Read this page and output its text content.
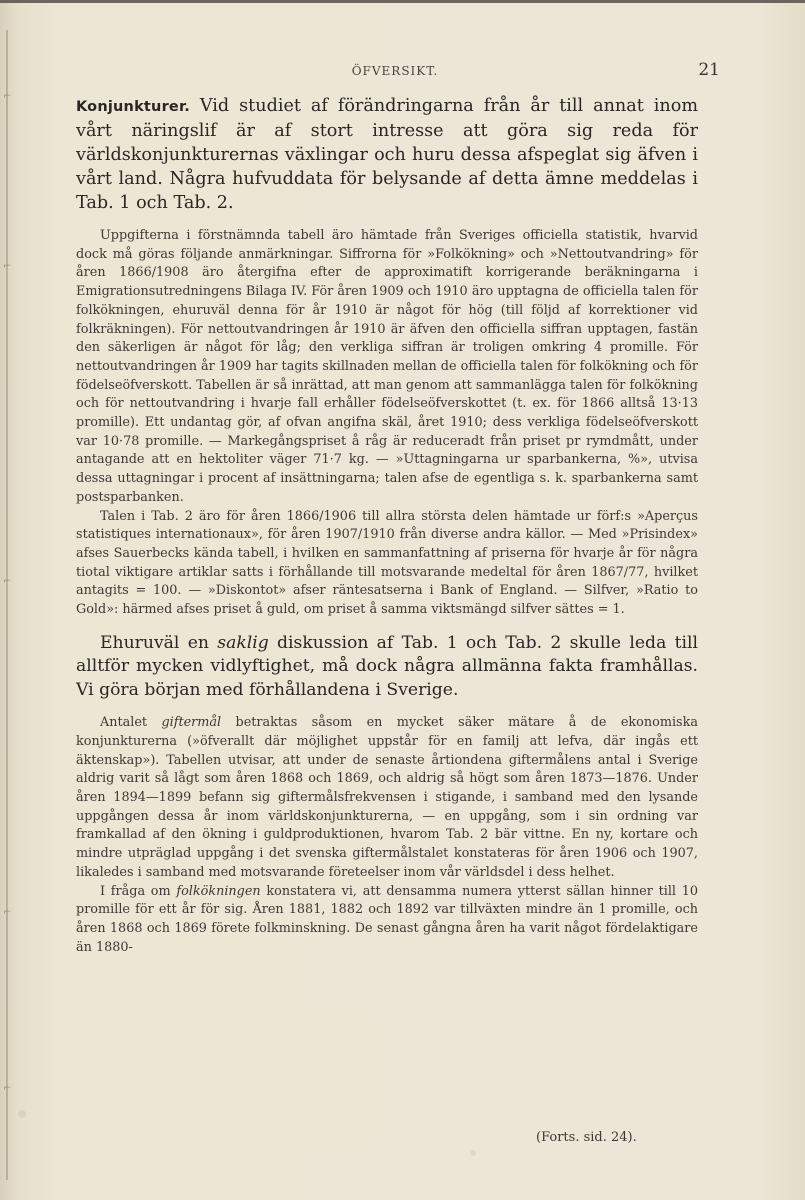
⌐
⌐
⌐
⌐
⌐
ÖFVERSIKT.	21

Konjunkturer. Vid studiet af förändringarna från år till annat inom vårt näringslif är af stort intresse att göra sig reda för världskonjunkturernas växlingar och huru dessa afspeglat sig äfven i vårt land. Några hufvuddata för belysande af detta ämne meddelas i Tab. 1 och Tab. 2.

Uppgifterna i förstnämnda tabell äro hämtade från Sveriges officiella statistik, hvarvid dock må göras följande anmärkningar. Siffrorna för »Folkökning» och »Nettoutvandring» för åren 1866/1908 äro återgifna efter de approximatift korrigerande beräkningarna i Emigrationsutredningens Bilaga IV. För åren 1909 och 1910 äro upptagna de officiella talen för folkökningen, ehuruväl denna för år 1910 är något för hög (till följd af korrektioner vid folkräkningen). För nettoutvandringen år 1910 är äfven den officiella siffran upptagen, fastän den säkerligen är något för låg; den verkliga siffran är troligen omkring 4 promille. För nettoutvandringen år 1909 har tagits skillnaden mellan de officiella talen för folkökning och för födelseöfverskott. Tabellen är så inrättad, att man genom att sammanlägga talen för folkökning och för nettoutvandring i hvarje fall erhåller födelseöfverskottet (t. ex. för 1866 alltså 13·13 promille). Ett undantag gör, af ofvan angifna skäl, året 1910; dess verkliga födelseöfverskott var 10·78 promille. — Markegångspriset å råg är reduceradt från priset pr rymdmått, under antagande att en hektoliter väger 71·7 kg. — »Uttagningarna ur sparbankerna, %», utvisa dessa uttagningar i procent af insättningarna; talen afse de egentliga s. k. sparbankerna samt postsparbanken.

Talen i Tab. 2 äro för åren 1866/1906 till allra största delen hämtade ur förf:s »Aperçus statistiques internationaux», för åren 1907/1910 från diverse andra källor. — Med »Prisindex» afses Sauerbecks kända tabell, i hvilken en sammanfattning af priserna för hvarje år för några tiotal viktigare artiklar satts i förhållande till motsvarande medeltal för åren 1867/77, hvilket antagits = 100. — »Diskontot» afser räntesatserna i Bank of England. — Silfver, »Ratio to Gold»: härmed afses priset å guld, om priset å samma viktsmängd silfver sättes = 1.

Ehuruväl en saklig diskussion af Tab. 1 och Tab. 2 skulle leda till alltför mycken vidlyftighet, må dock några allmänna fakta framhållas. Vi göra början med förhållandena i Sverige.

Antalet giftermål betraktas såsom en mycket säker mätare å de ekonomiska konjunkturerna (»öfverallt där möjlighet uppstår för en familj att lefva, där ingås ett äktenskap»). Tabellen utvisar, att under de senaste årtiondena giftermålens antal i Sverige aldrig varit så lågt som åren 1868 och 1869, och aldrig så högt som åren 1873—1876. Under åren 1894—1899 befann sig giftermålsfrekvensen i stigande, i samband med den lysande uppgången dessa år inom världskonjunkturerna, — en uppgång, som i sin ordning var framkallad af den ökning i guldproduktionen, hvarom Tab. 2 bär vittne. En ny, kortare och mindre utpräglad uppgång i det svenska giftermålstalet konstateras för åren 1906 och 1907, likaledes i samband med motsvarande företeelser inom vår världsdel i dess helhet.

I fråga om folkökningen konstatera vi, att densamma numera ytterst sällan hinner till 10 promille för ett år för sig. Åren 1881, 1882 och 1892 var tillväxten mindre än 1 promille, och åren 1868 och 1869 förete folkminskning. De senast gångna åren ha varit något fördelaktigare än 1880-

(Forts. sid. 24).
